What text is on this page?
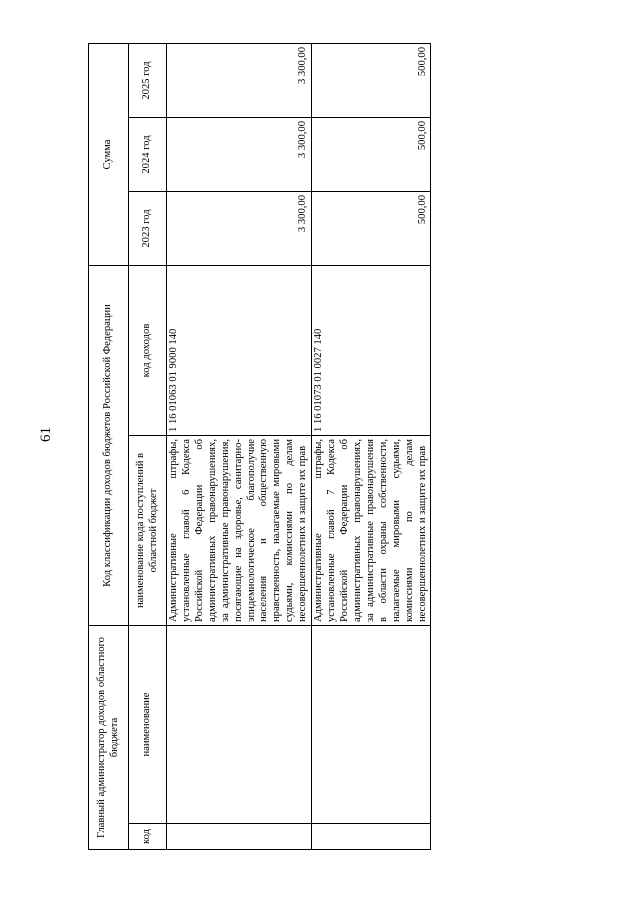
61
Главный администратор доходов областного бюджета		Код классификации доходов бюджетов Российской Федерации		Сумма		
код	наименование	наименование кода поступлений в областной бюджет	код доходов	2023 год	2024 год	2025 год
		Административные штрафы, установленные главой 6 Кодекса Российской Федерации об административных правонарушениях, за административные правонарушения, посягающие на здоровье, санитарно-эпидемиологическое благополучие населения и общественную нравственность, налагаемые мировыми судьями, комиссиями по делам несовершеннолетних и защите их прав	1 16 01063 01 9000 140	3 300,00	3 300,00	3 300,00
		Административные штрафы, установленные главой 7 Кодекса Российской Федерации об административных правонарушениях, за административные правонарушения в области охраны собственности, налагаемые мировыми судьями, комиссиями по делам несовершеннолетних и защите их прав	1 16 01073 01 0027 140	500,00	500,00	500,00
